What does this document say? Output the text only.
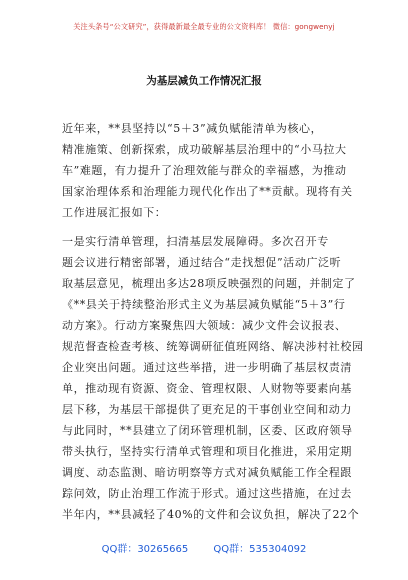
关注头条号“公文研究”，获得最新最全最专业的公文资料库！ 微信：gongwenyj
为基层减负工作情况汇报
近年来，**县坚持以“5＋3”减负赋能清单为核心，
精准施策、创新探索，成功破解基层治理中的“小马拉大
车”难题，有力提升了治理效能与群众的幸福感，为推动
国家治理体系和治理能力现代化作出了**贡献。现将有关
工作进展汇报如下：
一是实行清单管理，扫清基层发展障碍。多次召开专
题会议进行精密部署，通过结合“走找想促”活动广泛听
取基层意见，梳理出多达28项反映强烈的问题，并制定了
《**县关于持续整治形式主义为基层减负赋能“5＋3”行
动方案》。行动方案聚焦四大领域：减少文件会议报表、
规范督查检查考核、统筹调研征值班网络、解决涉村社校园
企业突出问题。通过这些举措，进一步明确了基层权责清
单，推动现有资源、资金、管理权限、人财物等要素向基
层下移，为基层干部提供了更充足的干事创业空间和动力
与此同时，**县建立了闭环管理机制，区委、区政府领导
带头执行，坚持实行清单式管理和项目化推进，采用定期
调度、动态监测、暗访明察等方式对减负赋能工作全程跟
踪问效，防止治理工作流于形式。通过这些措施，在过去
半年内，**县减轻了40%的文件和会议负担，解决了22个
QQ群：30265665	QQ群：535304092
